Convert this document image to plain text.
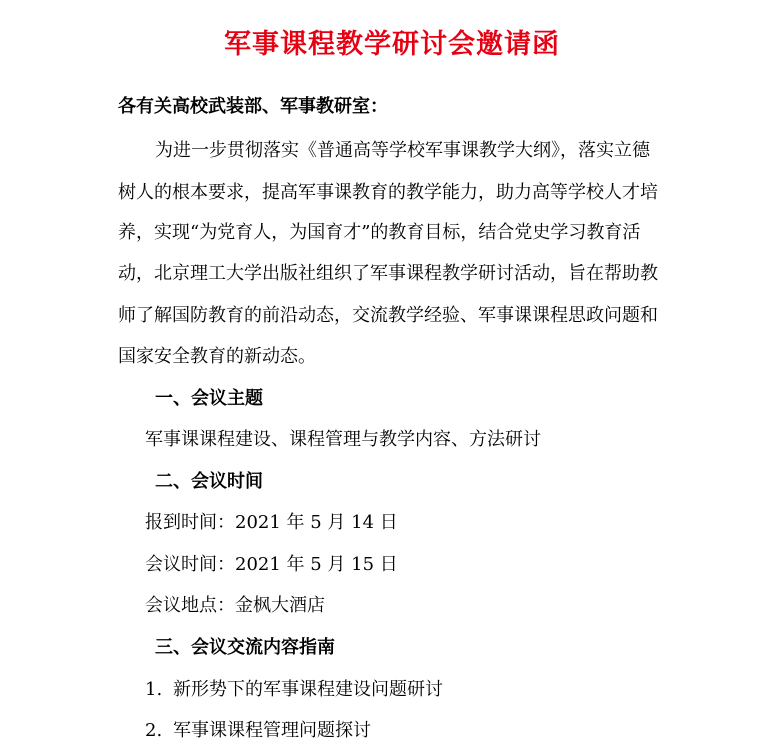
军事课程教学研讨会邀请函
各有关高校武装部、军事教研室：
为进一步贯彻落实《普通高等学校军事课教学大纲》，落实立德
树人的根本要求，提高军事课教育的教学能力，助力高等学校人才培
养，实现“为党育人，为国育才”的教育目标，结合党史学习教育活
动，北京理工大学出版社组织了军事课程教学研讨活动，旨在帮助教
师了解国防教育的前沿动态，交流教学经验、军事课课程思政问题和
国家安全教育的新动态。
一、会议主题
军事课课程建设、课程管理与教学内容、方法研讨
二、会议时间
报到时间：2021 年 5 月 14 日
会议时间：2021 年 5 月 15 日
会议地点：金枫大酒店
三、会议交流内容指南
1. 新形势下的军事课程建设问题研讨
2. 军事课课程管理问题探讨
